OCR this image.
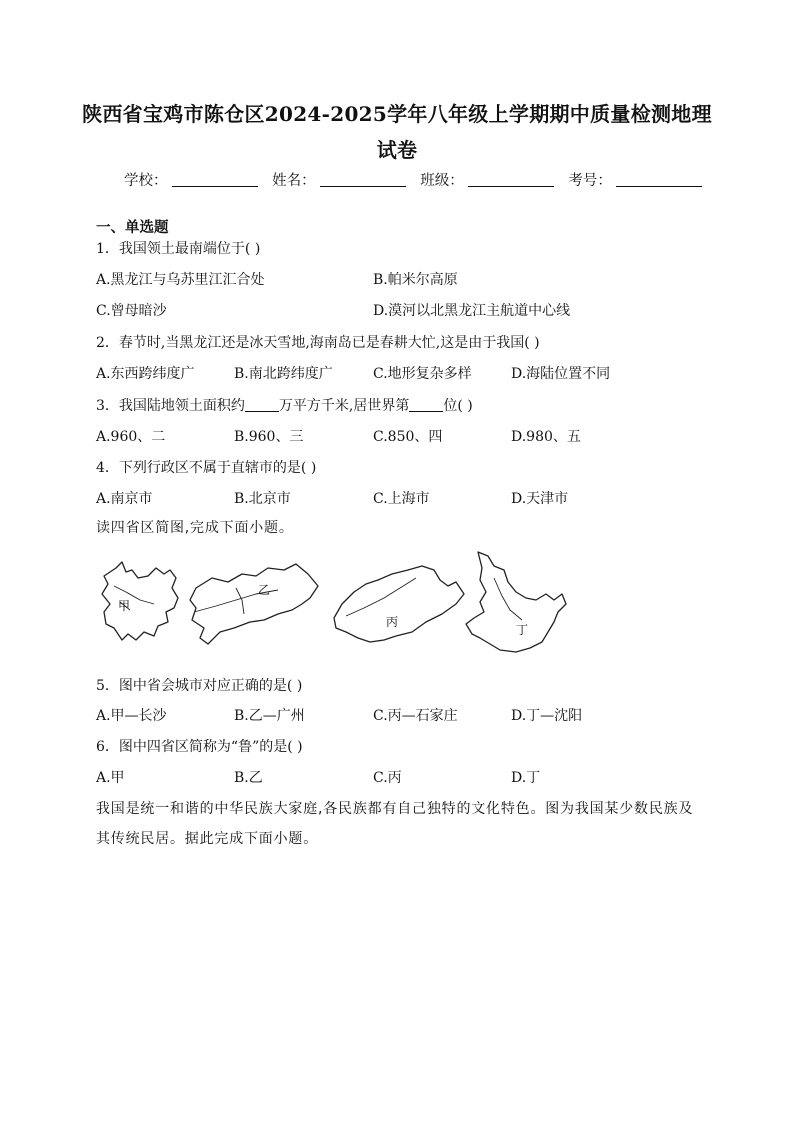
陕西省宝鸡市陈仓区2024-2025学年八年级上学期期中质量检测地理
试卷
学校：	姓名：	班级：	考号：
一、单选题
1．我国领土最南端位于( )
A.黑龙江与乌苏里江汇合处	B.帕米尔高原
C.曾母暗沙	D.漠河以北黑龙江主航道中心线
2．春节时,当黑龙江还是冰天雪地,海南岛已是春耕大忙,这是由于我国( )
A.东西跨纬度广	B.南北跨纬度广	C.地形复杂多样	D.海陆位置不同
3．我国陆地领土面积约 万平方千米,居世界第 位( )
A.960、二	B.960、三	C.850、四	D.980、五
4．下列行政区不属于直辖市的是( )
A.南京市	B.北京市	C.上海市	D.天津市
读四省区简图,完成下面小题。
甲
乙
丙
丁
5．图中省会城市对应正确的是( )
A.甲—长沙	B.乙—广州	C.丙—石家庄	D.丁—沈阳
6．图中四省区简称为“鲁”的是( )
A.甲	B.乙	C.丙	D.丁
我国是统一和谐的中华民族大家庭,各民族都有自己独特的文化特色。图为我国某少数民族及其传统民居。据此完成下面小题。
